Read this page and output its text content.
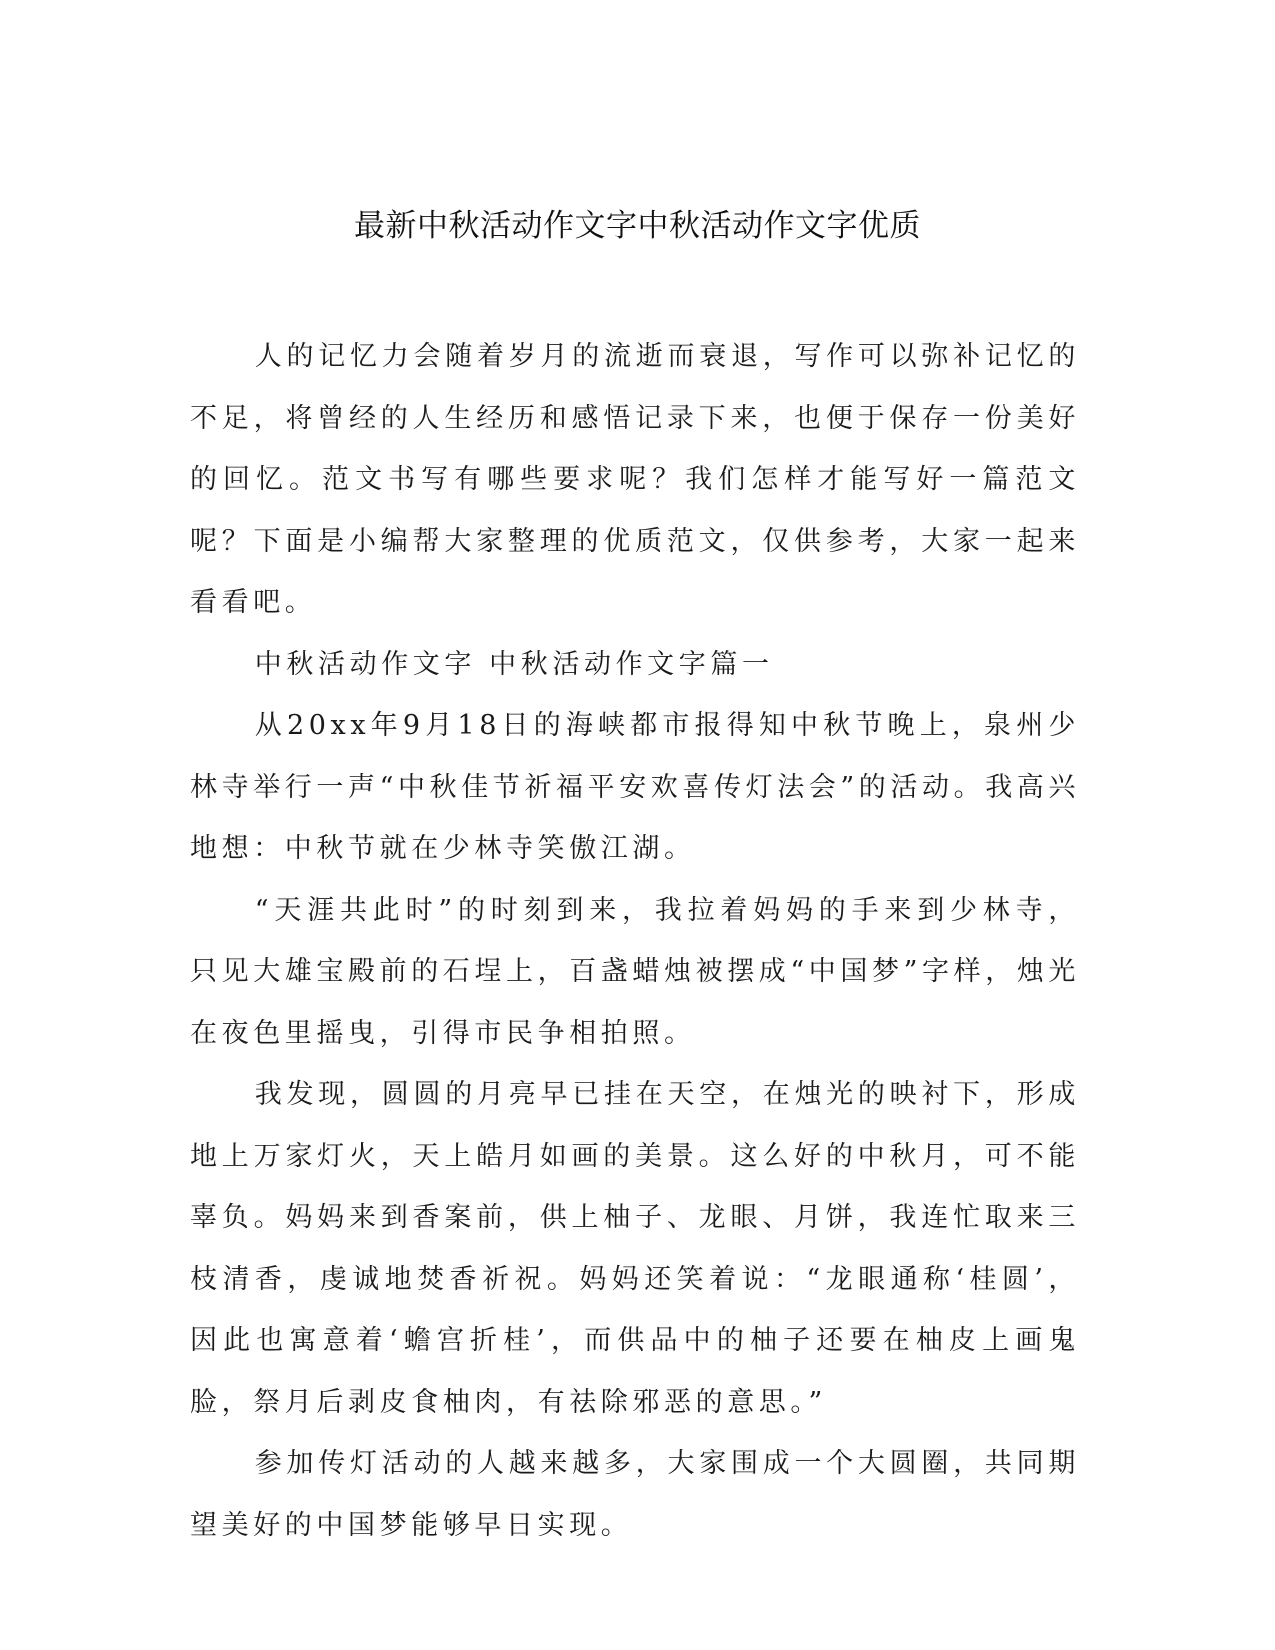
最新中秋活动作文字中秋活动作文字优质

人的记忆力会随着岁月的流逝而衰退，写作可以弥补记忆的不足，将曾经的人生经历和感悟记录下来，也便于保存一份美好的回忆。范文书写有哪些要求呢？我们怎样才能写好一篇范文呢？下面是小编帮大家整理的优质范文，仅供参考，大家一起来看看吧。

中秋活动作文字 中秋活动作文字篇一

从20xx年9月18日的海峡都市报得知中秋节晚上，泉州少林寺举行一声“中秋佳节祈福平安欢喜传灯法会”的活动。我高兴地想：中秋节就在少林寺笑傲江湖。

“天涯共此时”的时刻到来，我拉着妈妈的手来到少林寺，只见大雄宝殿前的石埕上，百盏蜡烛被摆成“中国梦”字样，烛光在夜色里摇曳，引得市民争相拍照。

我发现，圆圆的月亮早已挂在天空，在烛光的映衬下，形成地上万家灯火，天上皓月如画的美景。这么好的中秋月，可不能辜负。妈妈来到香案前，供上柚子、龙眼、月饼，我连忙取来三枝清香，虔诚地焚香祈祝。妈妈还笑着说：“龙眼通称‘桂圆’，因此也寓意着‘蟾宫折桂’，而供品中的柚子还要在柚皮上画鬼脸，祭月后剥皮食柚肉，有祛除邪恶的意思。”

参加传灯活动的人越来越多，大家围成一个大圆圈，共同期望美好的中国梦能够早日实现。
